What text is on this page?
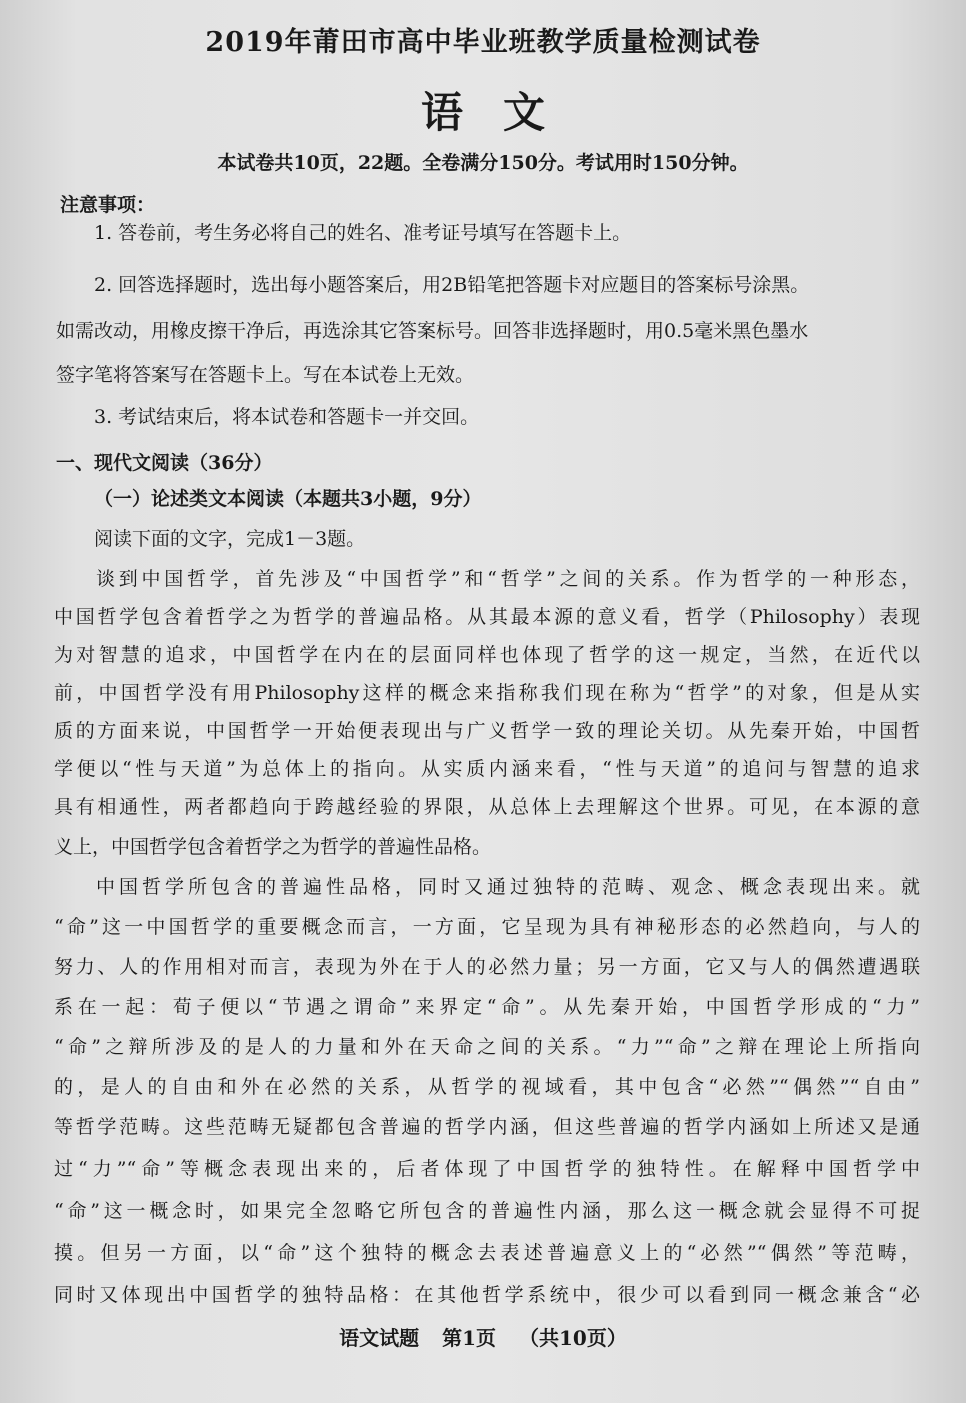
2019年莆田市高中毕业班教学质量检测试卷
语文
本试卷共10页，22题。全卷满分150分。考试用时150分钟。
注意事项：
1. 答卷前，考生务必将自己的姓名、准考证号填写在答题卡上。
2. 回答选择题时，选出每小题答案后，用2B铅笔把答题卡对应题目的答案标号涂黑。
如需改动，用橡皮擦干净后，再选涂其它答案标号。回答非选择题时，用0.5毫米黑色墨水
签字笔将答案写在答题卡上。写在本试卷上无效。
3. 考试结束后，将本试卷和答题卡一并交回。
一、现代文阅读（36分）
（一）论述类文本阅读（本题共3小题，9分）
阅读下面的文字，完成1－3题。
谈到中国哲学，首先涉及“中国哲学”和“哲学”之间的关系。作为哲学的一种形态，
中国哲学包含着哲学之为哲学的普遍品格。从其最本源的意义看，哲学（Philosophy）表现
为对智慧的追求，中国哲学在内在的层面同样也体现了哲学的这一规定，当然，在近代以
前，中国哲学没有用Philosophy这样的概念来指称我们现在称为“哲学”的对象，但是从实
质的方面来说，中国哲学一开始便表现出与广义哲学一致的理论关切。从先秦开始，中国哲
学便以“性与天道”为总体上的指向。从实质内涵来看，“性与天道”的追问与智慧的追求
具有相通性，两者都趋向于跨越经验的界限，从总体上去理解这个世界。可见，在本源的意
义上，中国哲学包含着哲学之为哲学的普遍性品格。
中国哲学所包含的普遍性品格，同时又通过独特的范畴、观念、概念表现出来。就
“命”这一中国哲学的重要概念而言，一方面，它呈现为具有神秘形态的必然趋向，与人的
努力、人的作用相对而言，表现为外在于人的必然力量；另一方面，它又与人的偶然遭遇联
系在一起：荀子便以“节遇之谓命”来界定“命”。从先秦开始，中国哲学形成的“力”
“命”之辩所涉及的是人的力量和外在天命之间的关系。“力”“命”之辩在理论上所指向
的，是人的自由和外在必然的关系，从哲学的视域看，其中包含“必然”“偶然”“自由”
等哲学范畴。这些范畴无疑都包含普遍的哲学内涵，但这些普遍的哲学内涵如上所述又是通
过“力”“命”等概念表现出来的，后者体现了中国哲学的独特性。在解释中国哲学中
“命”这一概念时，如果完全忽略它所包含的普遍性内涵，那么这一概念就会显得不可捉
摸。但另一方面，以“命”这个独特的概念去表述普遍意义上的“必然”“偶然”等范畴，
同时又体现出中国哲学的独特品格：在其他哲学系统中，很少可以看到同一概念兼含“必
语文试题 第1页 （共10页）
